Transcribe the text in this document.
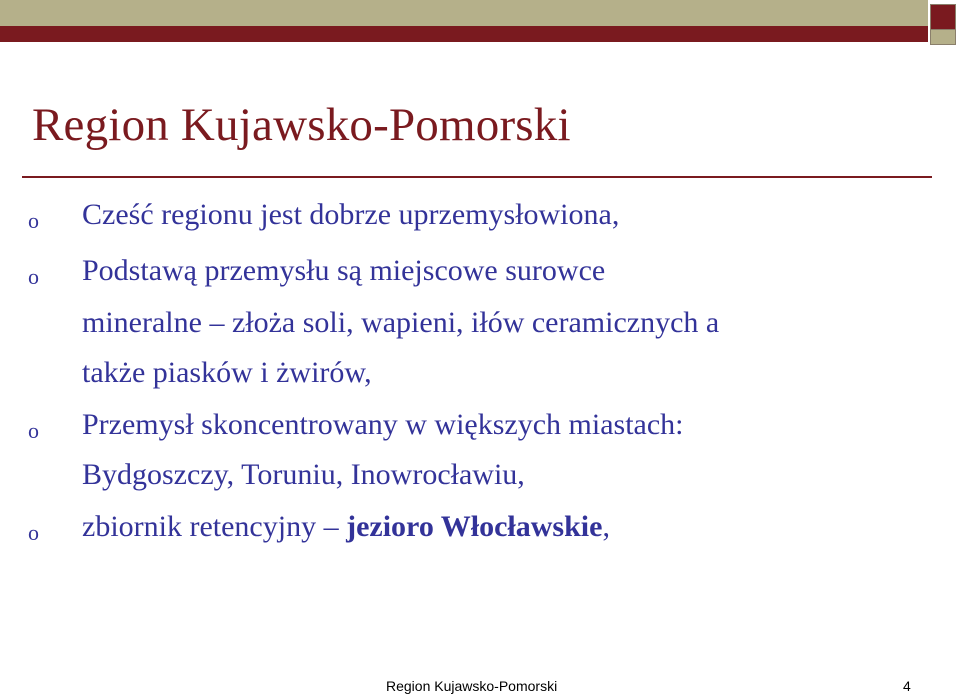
Region Kujawsko-Pomorski
o Cześć regionu jest dobrze uprzemysłowiona,
o Podstawą przemysłu są miejscowe surowce
mineralne – złoża soli, wapieni, iłów ceramicznych a
także piasków i żwirów,
o Przemysł skoncentrowany w większych miastach:
Bydgoszczy, Toruniu, Inowrocławiu,
o zbiornik retencyjny – jezioro Włocławskie,
Region Kujawsko-Pomorski	4
